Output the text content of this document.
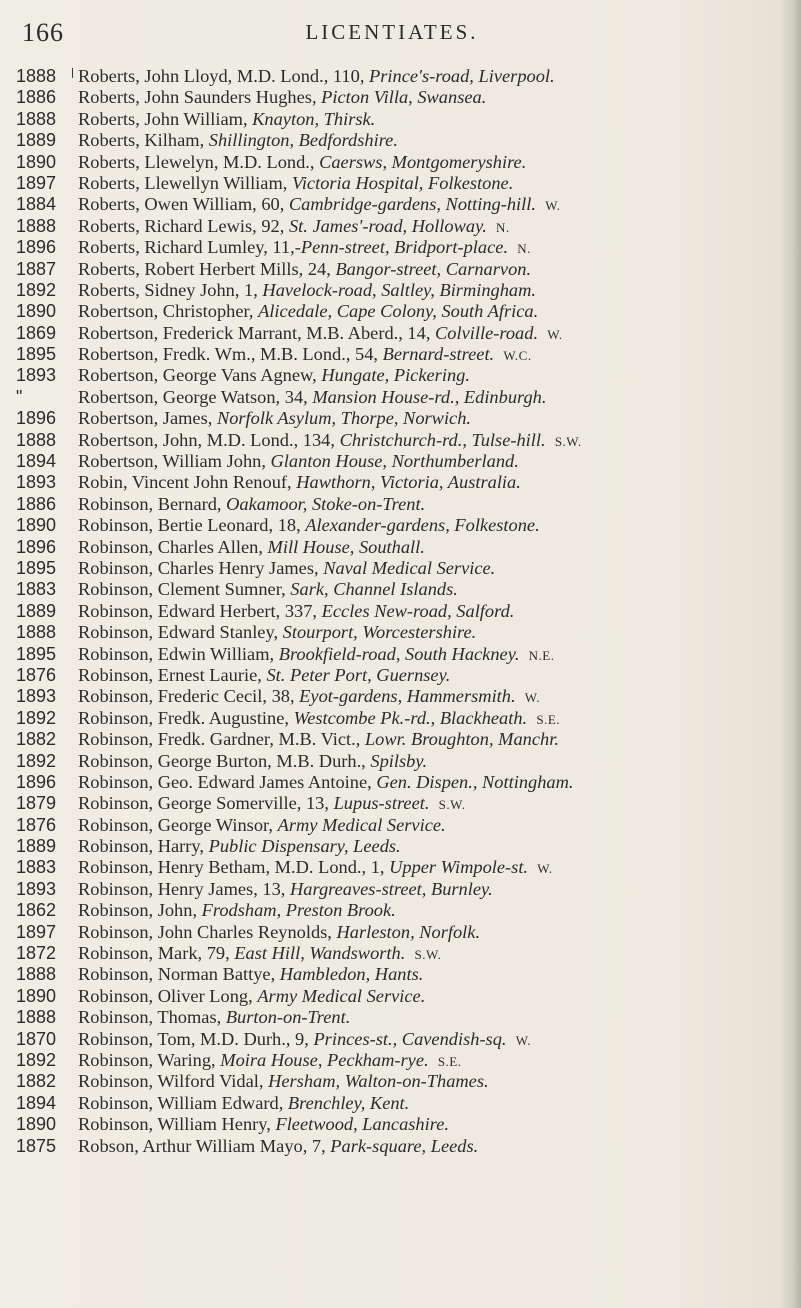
166	LICENTIATES.
1888
1886
1888
1889
1890
1897
1884
1888
1896
1887
1892
1890
1869
1895
1893
"
1896
1888
1894
1893
1886
1890
1896
1895
1883
1889
1888
1895
1876
1893
1892
1882
1892
1896
1879
1876
1889
1883
1893
1862
1897
1872
1888
1890
1888
1870
1892
1882
1894
1890
1875
Roberts, John Lloyd, M.D. Lond., 110, Prince's-road, Liverpool.
Roberts, John Saunders Hughes, Picton Villa, Swansea.
Roberts, John William, Knayton, Thirsk.
Roberts, Kilham, Shillington, Bedfordshire.
Roberts, Llewelyn, M.D. Lond., Caersws, Montgomeryshire.
Roberts, Llewellyn William, Victoria Hospital, Folkestone.
Roberts, Owen William, 60, Cambridge-gardens, Notting-hill. W.
Roberts, Richard Lewis, 92, St. James'-road, Holloway. N.
Roberts, Richard Lumley, 11,-Penn-street, Bridport-place. N.
Roberts, Robert Herbert Mills, 24, Bangor-street, Carnarvon.
Roberts, Sidney John, 1, Havelock-road, Saltley, Birmingham.
Robertson, Christopher, Alicedale, Cape Colony, South Africa.
Robertson, Frederick Marrant, M.B. Aberd., 14, Colville-road. W.
Robertson, Fredk. Wm., M.B. Lond., 54, Bernard-street. W.C.
Robertson, George Vans Agnew, Hungate, Pickering.
Robertson, George Watson, 34, Mansion House-rd., Edinburgh.
Robertson, James, Norfolk Asylum, Thorpe, Norwich.
Robertson, John, M.D. Lond., 134, Christchurch-rd., Tulse-hill. S.W.
Robertson, William John, Glanton House, Northumberland.
Robin, Vincent John Renouf, Hawthorn, Victoria, Australia.
Robinson, Bernard, Oakamoor, Stoke-on-Trent.
Robinson, Bertie Leonard, 18, Alexander-gardens, Folkestone.
Robinson, Charles Allen, Mill House, Southall.
Robinson, Charles Henry James, Naval Medical Service.
Robinson, Clement Sumner, Sark, Channel Islands.
Robinson, Edward Herbert, 337, Eccles New-road, Salford.
Robinson, Edward Stanley, Stourport, Worcestershire.
Robinson, Edwin William, Brookfield-road, South Hackney. N.E.
Robinson, Ernest Laurie, St. Peter Port, Guernsey.
Robinson, Frederic Cecil, 38, Eyot-gardens, Hammersmith. W.
Robinson, Fredk. Augustine, Westcombe Pk.-rd., Blackheath. S.E.
Robinson, Fredk. Gardner, M.B. Vict., Lowr. Broughton, Manchr.
Robinson, George Burton, M.B. Durh., Spilsby.
Robinson, Geo. Edward James Antoine, Gen. Dispen., Nottingham.
Robinson, George Somerville, 13, Lupus-street. S.W.
Robinson, George Winsor, Army Medical Service.
Robinson, Harry, Public Dispensary, Leeds.
Robinson, Henry Betham, M.D. Lond., 1, Upper Wimpole-st. W.
Robinson, Henry James, 13, Hargreaves-street, Burnley.
Robinson, John, Frodsham, Preston Brook.
Robinson, John Charles Reynolds, Harleston, Norfolk.
Robinson, Mark, 79, East Hill, Wandsworth. S.W.
Robinson, Norman Battye, Hambledon, Hants.
Robinson, Oliver Long, Army Medical Service.
Robinson, Thomas, Burton-on-Trent.
Robinson, Tom, M.D. Durh., 9, Princes-st., Cavendish-sq. W.
Robinson, Waring, Moira House, Peckham-rye. S.E.
Robinson, Wilford Vidal, Hersham, Walton-on-Thames.
Robinson, William Edward, Brenchley, Kent.
Robinson, William Henry, Fleetwood, Lancashire.
Robson, Arthur William Mayo, 7, Park-square, Leeds.
